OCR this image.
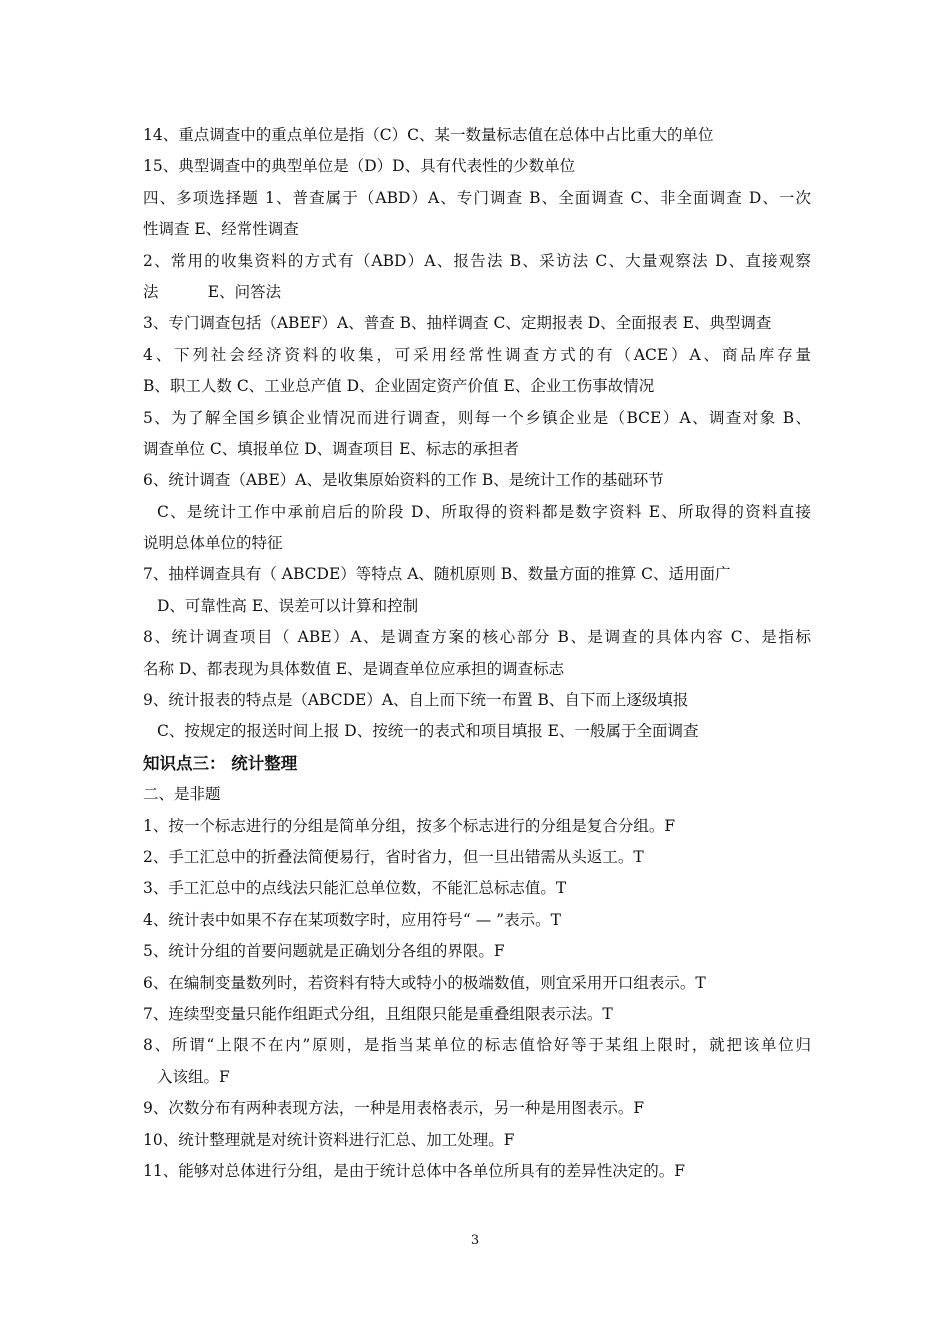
14、重点调查中的重点单位是指（C）C、某一数量标志值在总体中占比重大的单位
15、典型调查中的典型单位是（D）D、具有代表性的少数单位
四、多项选择题 1、普查属于（ABD）A、专门调查 B、全面调查 C、非全面调查 D、一次
性调查 E、经常性调查
2、常用的收集资料的方式有（ABD）A、报告法 B、采访法 C、大量观察法 D、直接观察
法          E、问答法
3、专门调查包括（ABEF）A、普查 B、抽样调查 C、定期报表 D、全面报表 E、典型调查
4、下列社会经济资料的收集，可采用经常性调查方式的有（ACE）A、商品库存量
B、职工人数 C、工业总产值 D、企业固定资产价值 E、企业工伤事故情况
5、为了解全国乡镇企业情况而进行调查，则每一个乡镇企业是（BCE）A、调查对象 B、
调查单位 C、填报单位 D、调查项目 E、标志的承担者
6、统计调查（ABE）A、是收集原始资料的工作 B、是统计工作的基础环节
C、是统计工作中承前启后的阶段 D、所取得的资料都是数字资料 E、所取得的资料直接
说明总体单位的特征
7、抽样调查具有（ ABCDE）等特点 A、随机原则 B、数量方面的推算 C、适用面广
D、可靠性高 E、误差可以计算和控制
8、统计调查项目（ ABE）A、是调查方案的核心部分 B、是调查的具体内容 C、是指标
名称 D、都表现为具体数值 E、是调查单位应承担的调查标志
9、统计报表的特点是（ABCDE）A、自上而下统一布置 B、自下而上逐级填报
C、按规定的报送时间上报 D、按统一的表式和项目填报 E、一般属于全面调查
知识点三： 统计整理
二、是非题
1、按一个标志进行的分组是简单分组，按多个标志进行的分组是复合分组。F
2、手工汇总中的折叠法简便易行，省时省力，但一旦出错需从头返工。T
3、手工汇总中的点线法只能汇总单位数，不能汇总标志值。T
4、统计表中如果不存在某项数字时，应用符号“ — ”表示。T
5、统计分组的首要问题就是正确划分各组的界限。F
6、在编制变量数列时，若资料有特大或特小的极端数值，则宜采用开口组表示。T
7、连续型变量只能作组距式分组，且组限只能是重叠组限表示法。T
8、所谓“上限不在内”原则，是指当某单位的标志值恰好等于某组上限时，就把该单位归
入该组。F
9、次数分布有两种表现方法，一种是用表格表示，另一种是用图表示。F
10、统计整理就是对统计资料进行汇总、加工处理。F
11、能够对总体进行分组，是由于统计总体中各单位所具有的差异性决定的。F
3
